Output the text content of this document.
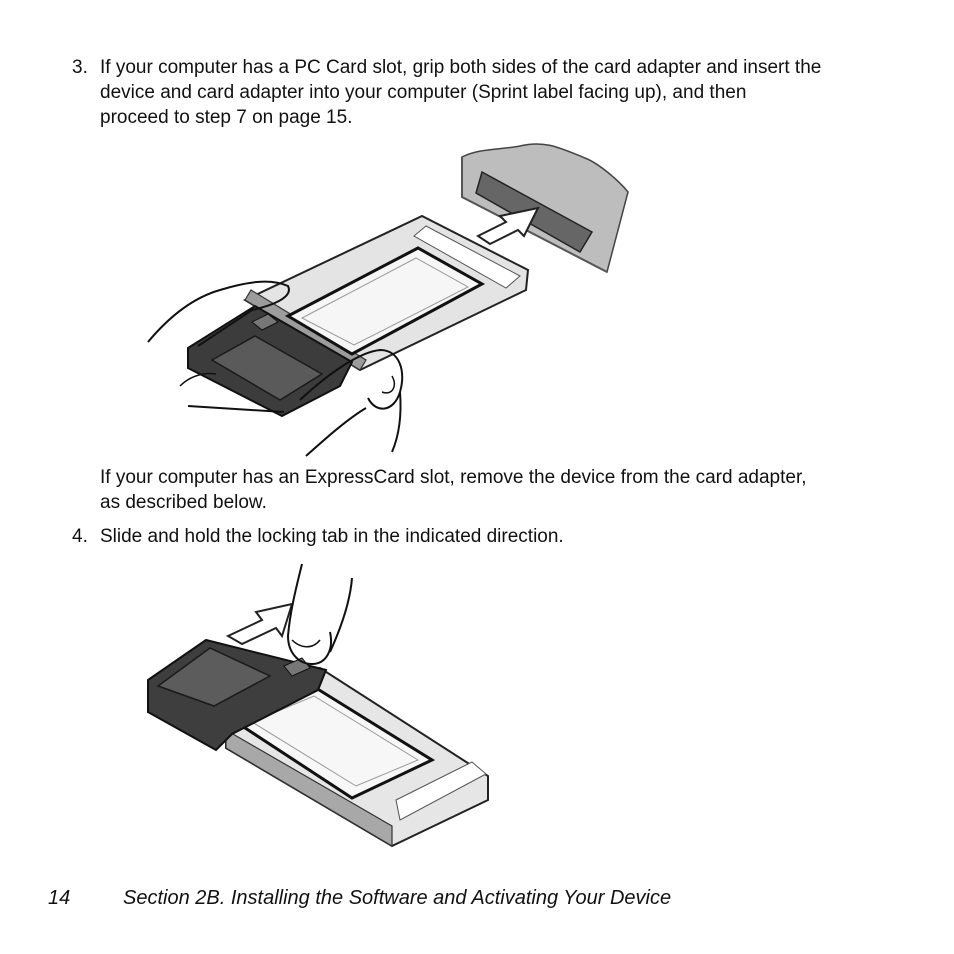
3. If your computer has a PC Card slot, grip both sides of the card adapter and insert the
device and card adapter into your computer (Sprint label facing up), and then
proceed to step 7 on page 15.
If your computer has an ExpressCard slot, remove the device from the card adapter,
as described below.
4. Slide and hold the locking tab in the indicated direction.
14	Section 2B. Installing the Software and Activating Your Device
